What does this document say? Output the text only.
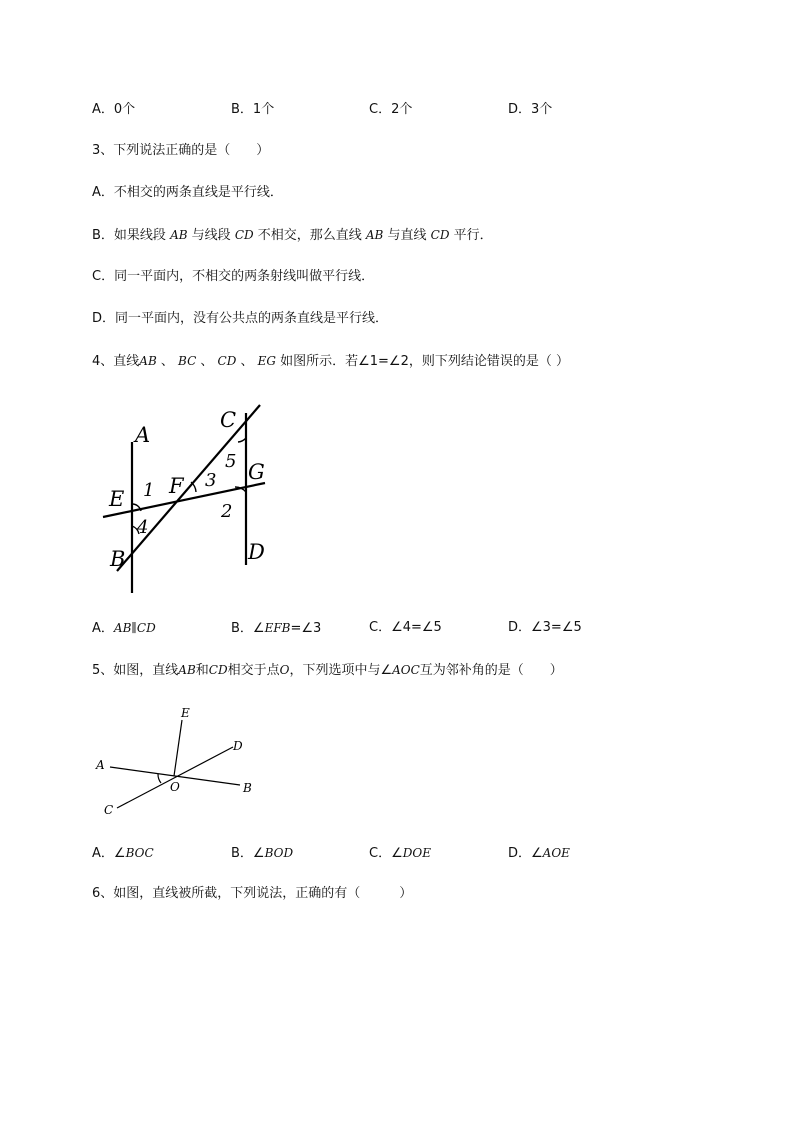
A．0个	B．1个	C．2个	D．3个
3、下列说法正确的是（　　）
A．不相交的两条直线是平行线．
B．如果线段 AB 与线段 CD 不相交，那么直线 AB 与直线 CD 平行．
C．同一平面内，不相交的两条射线叫做平行线．
D．同一平面内，没有公共点的两条直线是平行线．
4、直线AB 、 BC 、 CD 、 EG 如图所示．若∠1=∠2，则下列结论错误的是（ ）
A
C
G
E
F
D
B
1
4
3
5
2
A．AB∥CD	B．∠EFB=∠3	C．∠4=∠5	D．∠3=∠5
5、如图，直线AB和CD相交于点O，下列选项中与∠AOC互为邻补角的是（　　）
E
D
A
O	B
C
A．∠BOC	B．∠BOD	C．∠DOE	D．∠AOE
6、如图，直线被所截，下列说法，正确的有（　　　）
